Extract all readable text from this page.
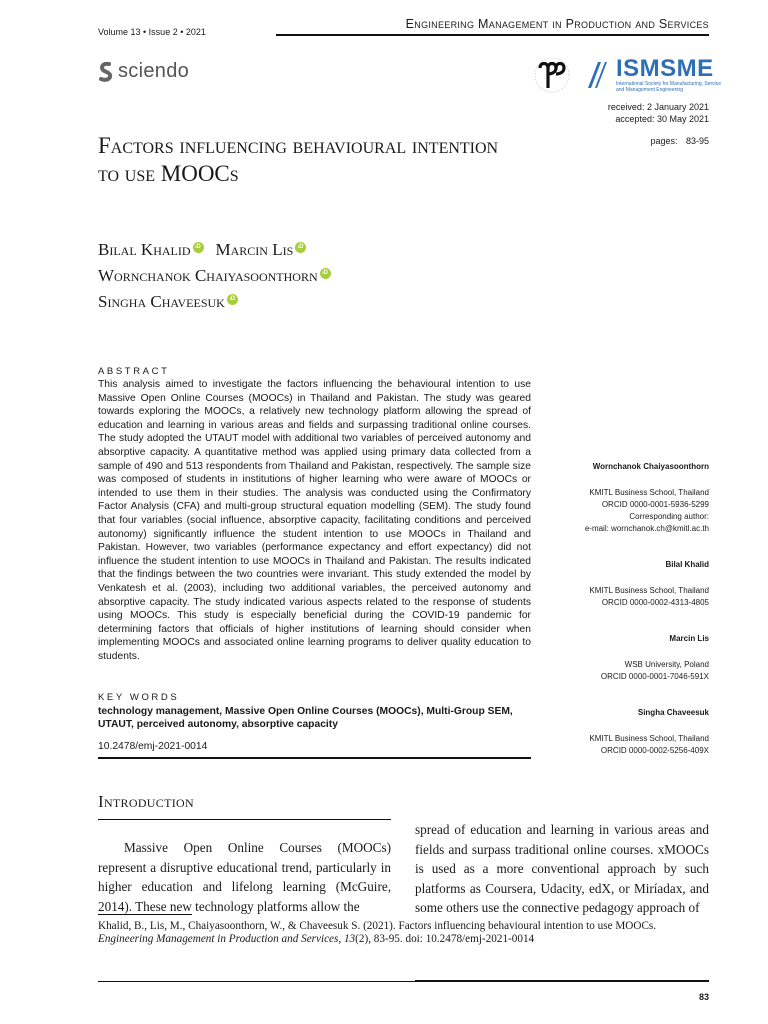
Volume 13 • Issue 2 • 2021
Engineering Management in Production and Services
sciendo	ISMSME
International Society for Manufacturing, Service and Management Engineering
received: 2 January 2021
accepted: 30 May 2021
pages: 83-95
Factors influencing behavioural intention to use MOOCs
Bilal Khalid iD Marcin Lis iD
Wornchanok Chaiyasoonthorn iD
Singha Chaveesuk iD
ABSTRACT
This analysis aimed to investigate the factors influencing the behavioural intention to use Massive Open Online Courses (MOOCs) in Thailand and Pakistan. The study was geared towards exploring the MOOCs, a relatively new technology platform allowing the spread of education and learning in various areas and fields and surpassing traditional online courses. The study adopted the UTAUT model with additional two variables of perceived autonomy and absorptive capacity. A quantitative method was applied using primary data collected from a sample of 490 and 513 respondents from Thailand and Pakistan, respectively. The sample size was composed of students in institutions of higher learning who were aware of MOOCs or intended to use them in their studies. The analysis was conducted using the Confirmatory Factor Analysis (CFA) and multi-group structural equation modelling (SEM). The study found that four variables (social influence, absorptive capacity, facilitating conditions and perceived autonomy) significantly influence the student intention to use MOOCs in Thailand and Pakistan. However, two variables (performance expectancy and effort expectancy) did not influence the student intention to use MOOCs in Thailand and Pakistan. The results indicated that the findings between the two countries were invariant. This study extended the model by Venkatesh et al. (2003), including two additional variables, the perceived autonomy and absorptive capacity. The study indicated various aspects related to the response of students using MOOCs. This study is especially beneficial during the COVID-19 pandemic for determining factors that officials of higher institutions of learning should consider when implementing MOOCs and associated online learning programs to deliver quality education to students.
KEY WORDS
technology management, Massive Open Online Courses (MOOCs), Multi-Group SEM, UTAUT, perceived autonomy, absorptive capacity
10.2478/emj-2021-0014
Wornchanok Chaiyasoonthorn
KMITL Business School, Thailand
ORCID 0000-0001-5936-5299
Corresponding author:
e-mail: wornchanok.ch@kmitl.ac.th
Bilal Khalid
KMITL Business School, Thailand
ORCID 0000-0002-4313-4805
Marcin Lis
WSB University, Poland
ORCID 0000-0001-7046-591X
Singha Chaveesuk
KMITL Business School, Thailand
ORCID 0000-0002-5256-409X
Introduction
Massive Open Online Courses (MOOCs) represent a disruptive educational trend, particularly in higher education and lifelong learning (McGuire, 2014). These new technology platforms allow the
spread of education and learning in various areas and fields and surpass traditional online courses. xMOOCs is used as a more conventional approach by such platforms as Coursera, Udacity, edX, or Miríadax, and some others use the connective pedagogy approach of
Khalid, B., Lis, M., Chaiyasoonthorn, W., & Chaveesuk S. (2021). Factors influencing behavioural intention to use MOOCs. Engineering Management in Production and Services, 13(2), 83-95. doi: 10.2478/emj-2021-0014
83
